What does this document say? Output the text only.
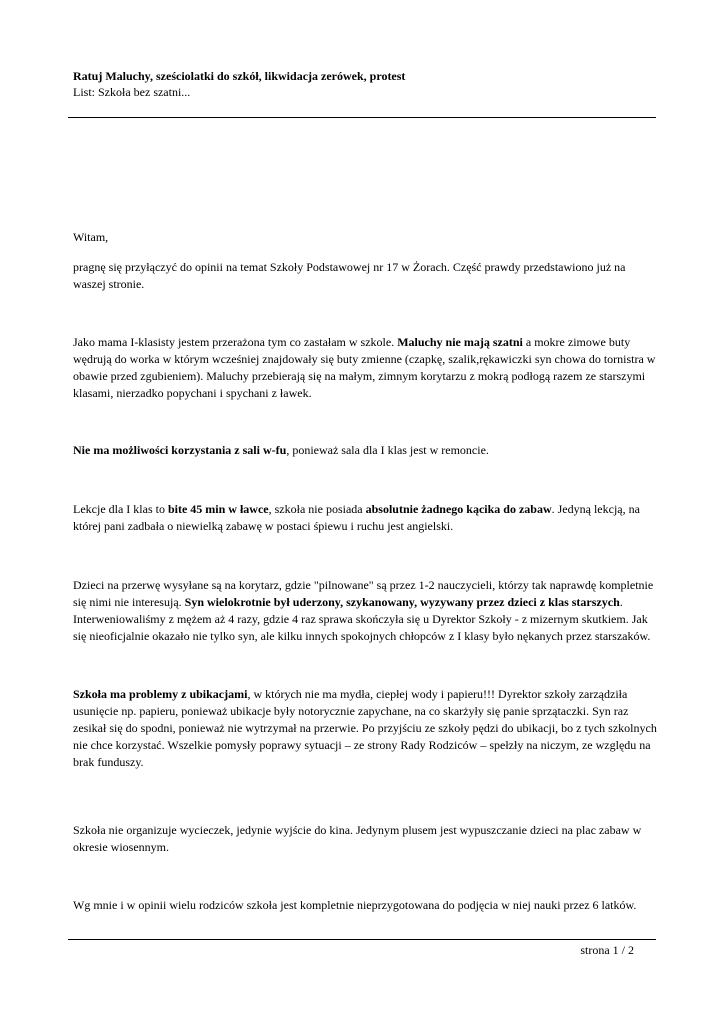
Ratuj Maluchy, sześciolatki do szkół, likwidacja zerówek, protest
List: Szkoła bez szatni...

Witam,

pragnę się przyłączyć do opinii na temat Szkoły Podstawowej nr 17 w Żorach. Część prawdy przedstawiono już na waszej stronie.

Jako mama I-klasisty jestem przerażona tym co zastałam w szkole. Maluchy nie mają szatni a mokre zimowe buty wędrują do worka w którym wcześniej znajdowały się buty zmienne (czapkę, szalik,rękawiczki syn chowa do tornistra w obawie przed zgubieniem). Maluchy przebierają się na małym, zimnym korytarzu z mokrą podłogą razem ze starszymi klasami, nierzadko popychani i spychani z ławek.

Nie ma możliwości korzystania z sali w-fu, ponieważ sala dla I klas jest w remoncie.

Lekcje dla I klas to bite 45 min w ławce, szkoła nie posiada absolutnie żadnego kącika do zabaw. Jedyną lekcją, na której pani zadbała o niewielką zabawę w postaci śpiewu i ruchu jest angielski.

Dzieci na przerwę wysyłane są na korytarz, gdzie "pilnowane" są przez 1-2 nauczycieli, którzy tak naprawdę kompletnie się nimi nie interesują. Syn wielokrotnie był uderzony, szykanowany, wyzywany przez dzieci z klas starszych. Interweniowaliśmy z mężem aż 4 razy, gdzie 4 raz sprawa skończyła się u Dyrektor Szkoły - z mizernym skutkiem. Jak się nieoficjalnie okazało nie tylko syn, ale kilku innych spokojnych chłopców z I klasy było nękanych przez starszaków.

Szkoła ma problemy z ubikacjami, w których nie ma mydła, ciepłej wody i papieru!!! Dyrektor szkoły zarządziła usunięcie np. papieru, ponieważ ubikacje były notorycznie zapychane, na co skarżyły się panie sprzątaczki. Syn raz zesikał się do spodni, ponieważ nie wytrzymał na przerwie. Po przyjściu ze szkoły pędzi do ubikacji, bo z tych szkolnych nie chce korzystać. Wszelkie pomysły poprawy sytuacji – ze strony Rady Rodziców – spełzły na niczym, ze względu na brak funduszy.

Szkoła nie organizuje wycieczek, jedynie wyjście do kina. Jedynym plusem jest wypuszczanie dzieci na plac zabaw w okresie wiosennym.

Wg mnie i w opinii wielu rodziców szkoła jest kompletnie nieprzygotowana do podjęcia w niej nauki przez 6 latków.

strona 1 / 2
